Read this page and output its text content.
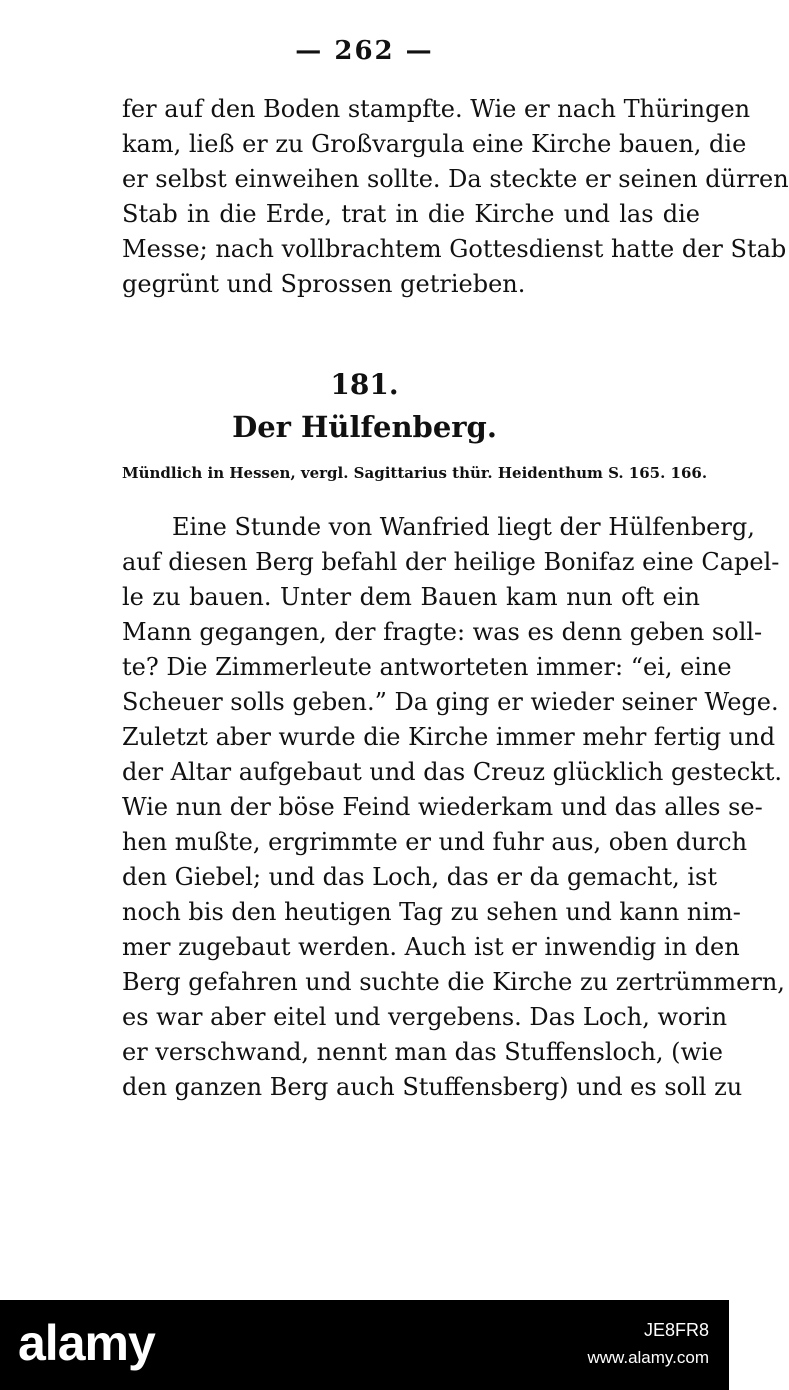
— 262 —
fer auf den Boden stampfte. Wie er nach Thüringen
kam, ließ er zu Großvargula eine Kirche bauen, die
er selbst einweihen sollte. Da steckte er seinen dürren
Stab in die Erde, trat in die Kirche und las die
Messe; nach vollbrachtem Gottesdienst hatte der Stab
gegrünt und Sprossen getrieben.
181.
Der Hülfenberg.
Mündlich in Hessen, vergl. Sagittarius thür. Heidenthum S. 165. 166.
Eine Stunde von Wanfried liegt der Hülfenberg,
auf diesen Berg befahl der heilige Bonifaz eine Capel-
le zu bauen. Unter dem Bauen kam nun oft ein
Mann gegangen, der fragte: was es denn geben soll-
te? Die Zimmerleute antworteten immer: “ei, eine
Scheuer solls geben.” Da ging er wieder seiner Wege.
Zuletzt aber wurde die Kirche immer mehr fertig und
der Altar aufgebaut und das Creuz glücklich gesteckt.
Wie nun der böse Feind wiederkam und das alles se-
hen mußte, ergrimmte er und fuhr aus, oben durch
den Giebel; und das Loch, das er da gemacht, ist
noch bis den heutigen Tag zu sehen und kann nim-
mer zugebaut werden. Auch ist er inwendig in den
Berg gefahren und suchte die Kirche zu zertrümmern,
es war aber eitel und vergebens. Das Loch, worin
er verschwand, nennt man das Stuffensloch, (wie
den ganzen Berg auch Stuffensberg) und es soll zu
alamy	JE8FR8
www.alamy.com
